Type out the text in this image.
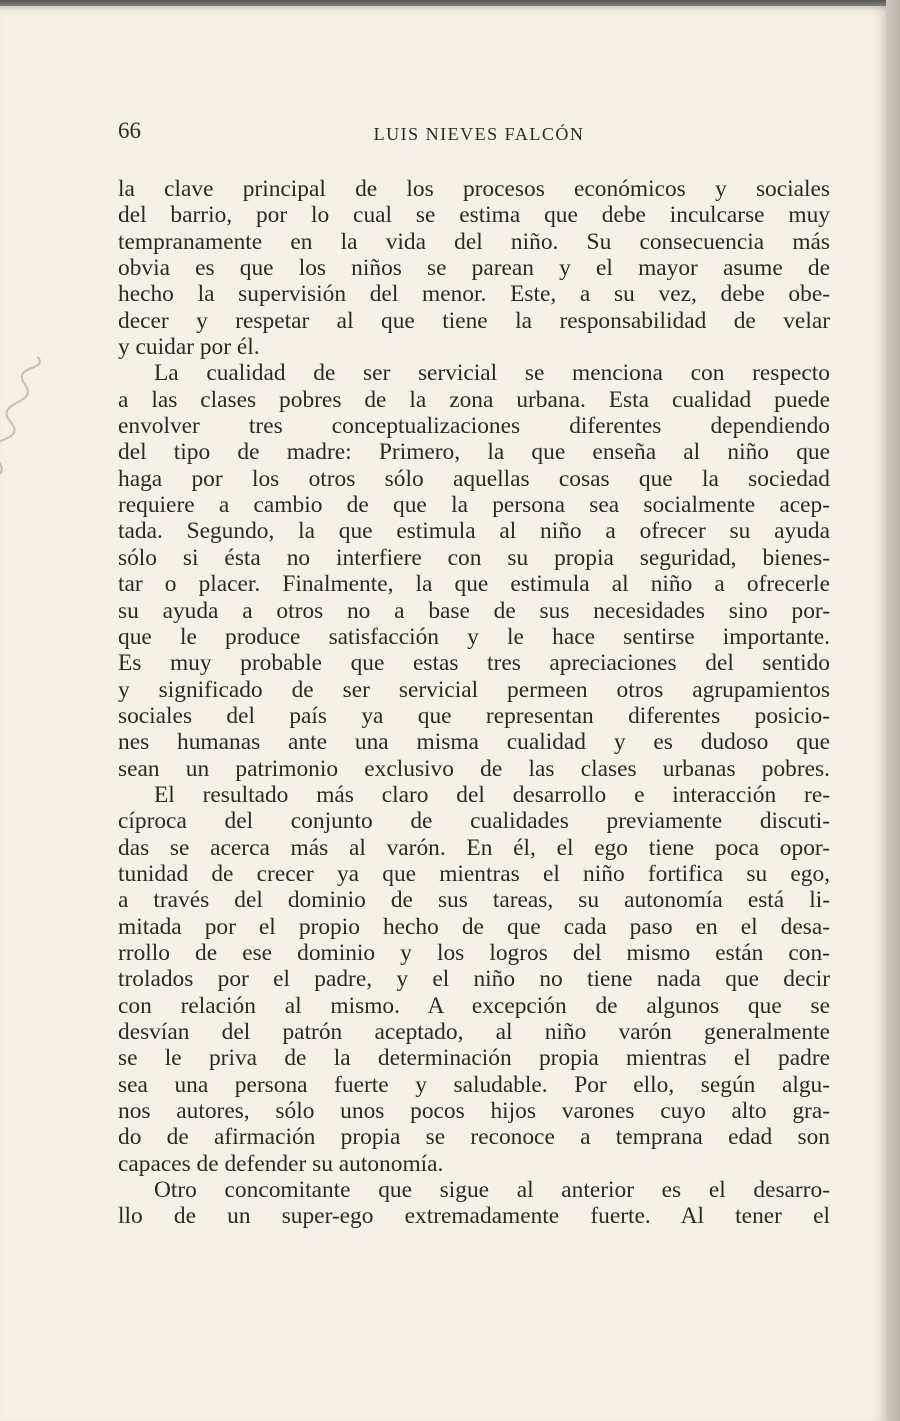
66	LUIS NIEVES FALCÓN
la clave principal de los procesos económicos y sociales
del barrio, por lo cual se estima que debe inculcarse muy
tempranamente en la vida del niño. Su consecuencia más
obvia es que los niños se parean y el mayor asume de
hecho la supervisión del menor. Este, a su vez, debe obe-
decer y respetar al que tiene la responsabilidad de velar
y cuidar por él.
La cualidad de ser servicial se menciona con respecto
a las clases pobres de la zona urbana. Esta cualidad puede
envolver tres conceptualizaciones diferentes dependiendo
del tipo de madre: Primero, la que enseña al niño que
haga por los otros sólo aquellas cosas que la sociedad
requiere a cambio de que la persona sea socialmente acep-
tada. Segundo, la que estimula al niño a ofrecer su ayuda
sólo si ésta no interfiere con su propia seguridad, bienes-
tar o placer. Finalmente, la que estimula al niño a ofrecerle
su ayuda a otros no a base de sus necesidades sino por-
que le produce satisfacción y le hace sentirse importante.
Es muy probable que estas tres apreciaciones del sentido
y significado de ser servicial permeen otros agrupamientos
sociales del país ya que representan diferentes posicio-
nes humanas ante una misma cualidad y es dudoso que
sean un patrimonio exclusivo de las clases urbanas pobres.
El resultado más claro del desarrollo e interacción re-
cíproca del conjunto de cualidades previamente discuti-
das se acerca más al varón. En él, el ego tiene poca opor-
tunidad de crecer ya que mientras el niño fortifica su ego,
a través del dominio de sus tareas, su autonomía está li-
mitada por el propio hecho de que cada paso en el desa-
rrollo de ese dominio y los logros del mismo están con-
trolados por el padre, y el niño no tiene nada que decir
con relación al mismo. A excepción de algunos que se
desvían del patrón aceptado, al niño varón generalmente
se le priva de la determinación propia mientras el padre
sea una persona fuerte y saludable. Por ello, según algu-
nos autores, sólo unos pocos hijos varones cuyo alto gra-
do de afirmación propia se reconoce a temprana edad son
capaces de defender su autonomía.
Otro concomitante que sigue al anterior es el desarro-
llo de un super-ego extremadamente fuerte. Al tener el
